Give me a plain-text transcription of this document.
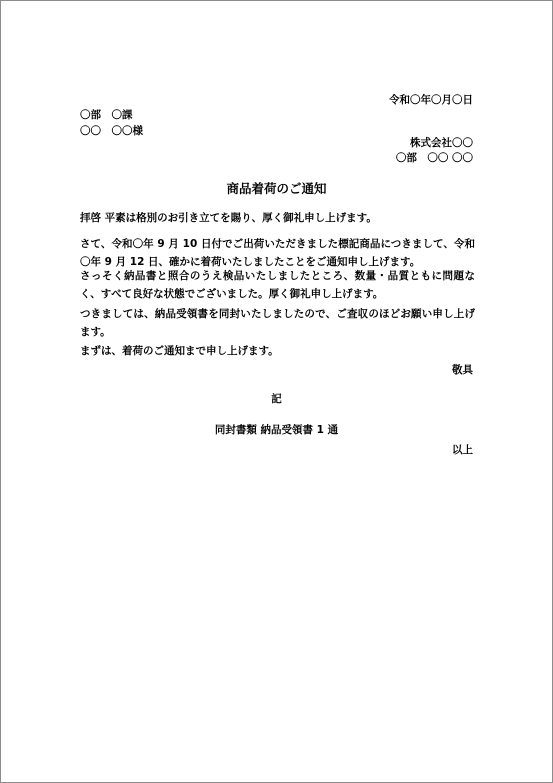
令和〇年〇月〇日

〇部　〇課

〇〇　〇〇様

株式会社〇〇

〇部　〇〇 〇〇

商品着荷のご通知

拝啓 平素は格別のお引き立てを賜り、厚く御礼申し上げます。

さて、令和〇年 9 月 10 日付でご出荷いただきました標記商品につきまして、令和〇年 9 月 12 日、確かに着荷いたしましたことをご通知申し上げます。

さっそく納品書と照合のうえ検品いたしましたところ、数量・品質ともに問題なく、すべて良好な状態でございました。厚く御礼申し上げます。

つきましては、納品受領書を同封いたしましたので、ご査収のほどお願い申し上げます。

まずは、着荷のご通知まで申し上げます。

敬具

記

同封書類 納品受領書 1 通

以上
